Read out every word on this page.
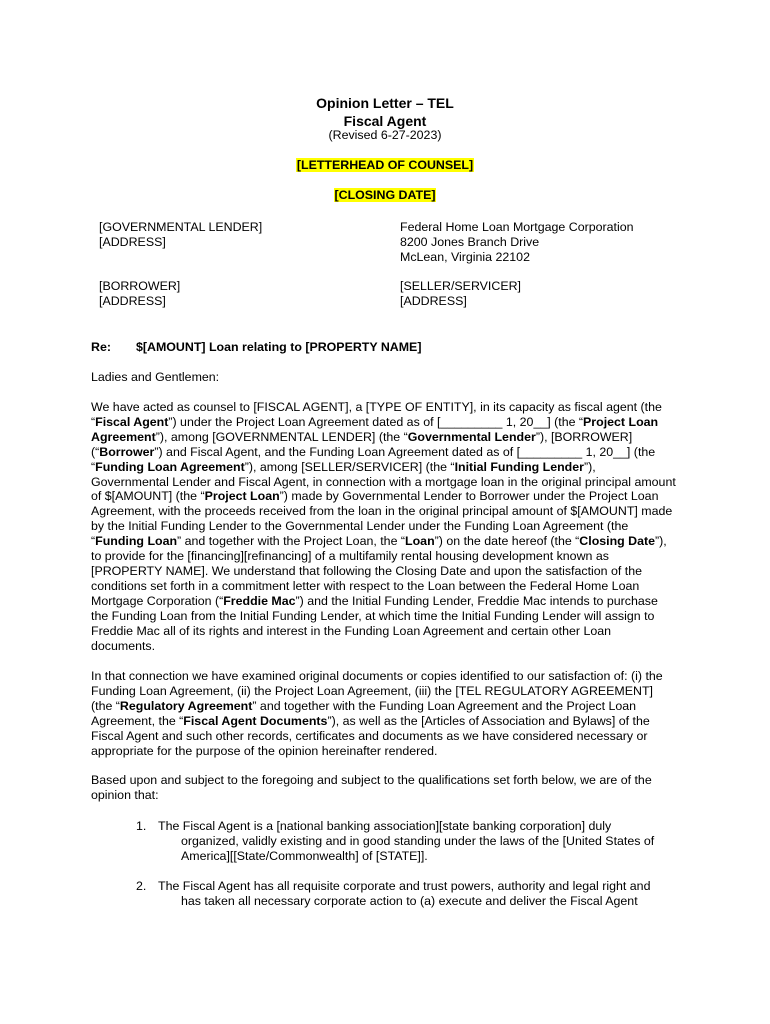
Opinion Letter – TEL
Fiscal Agent
(Revised 6-27-2023)
[LETTERHEAD OF COUNSEL]
[CLOSING DATE]
[GOVERNMENTAL LENDER]
[ADDRESS]
Federal Home Loan Mortgage Corporation
8200 Jones Branch Drive
McLean, Virginia 22102
[BORROWER]
[ADDRESS]
[SELLER/SERVICER]
[ADDRESS]
Re: $[AMOUNT] Loan relating to [PROPERTY NAME]

Ladies and Gentlemen:

We have acted as counsel to [FISCAL AGENT], a [TYPE OF ENTITY], in its capacity as fiscal agent (the “Fiscal Agent”) under the Project Loan Agreement dated as of [_________ 1, 20__] (the “Project Loan Agreement”), among [GOVERNMENTAL LENDER] (the “Governmental Lender”), [BORROWER] (“Borrower”) and Fiscal Agent, and the Funding Loan Agreement dated as of [_________ 1, 20__] (the “Funding Loan Agreement”), among [SELLER/SERVICER] (the “Initial Funding Lender”), Governmental Lender and Fiscal Agent, in connection with a mortgage loan in the original principal amount of $[AMOUNT] (the “Project Loan”) made by Governmental Lender to Borrower under the Project Loan Agreement, with the proceeds received from the loan in the original principal amount of $[AMOUNT] made by the Initial Funding Lender to the Governmental Lender under the Funding Loan Agreement (the “Funding Loan” and together with the Project Loan, the “Loan”) on the date hereof (the “Closing Date”), to provide for the [financing][refinancing] of a multifamily rental housing development known as [PROPERTY NAME]. We understand that following the Closing Date and upon the satisfaction of the conditions set forth in a commitment letter with respect to the Loan between the Federal Home Loan Mortgage Corporation (“Freddie Mac”) and the Initial Funding Lender, Freddie Mac intends to purchase the Funding Loan from the Initial Funding Lender, at which time the Initial Funding Lender will assign to Freddie Mac all of its rights and interest in the Funding Loan Agreement and certain other Loan documents.

In that connection we have examined original documents or copies identified to our satisfaction of: (i) the Funding Loan Agreement, (ii) the Project Loan Agreement, (iii) the [TEL REGULATORY AGREEMENT] (the “Regulatory Agreement” and together with the Funding Loan Agreement and the Project Loan Agreement, the “Fiscal Agent Documents”), as well as the [Articles of Association and Bylaws] of the Fiscal Agent and such other records, certificates and documents as we have considered necessary or appropriate for the purpose of the opinion hereinafter rendered.

Based upon and subject to the foregoing and subject to the qualifications set forth below, we are of the opinion that:

1. The Fiscal Agent is a [national banking association][state banking corporation] duly organized, validly existing and in good standing under the laws of the [United States of America][[State/Commonwealth] of [STATE]].
2. The Fiscal Agent has all requisite corporate and trust powers, authority and legal right and has taken all necessary corporate action to (a) execute and deliver the Fiscal Agent
